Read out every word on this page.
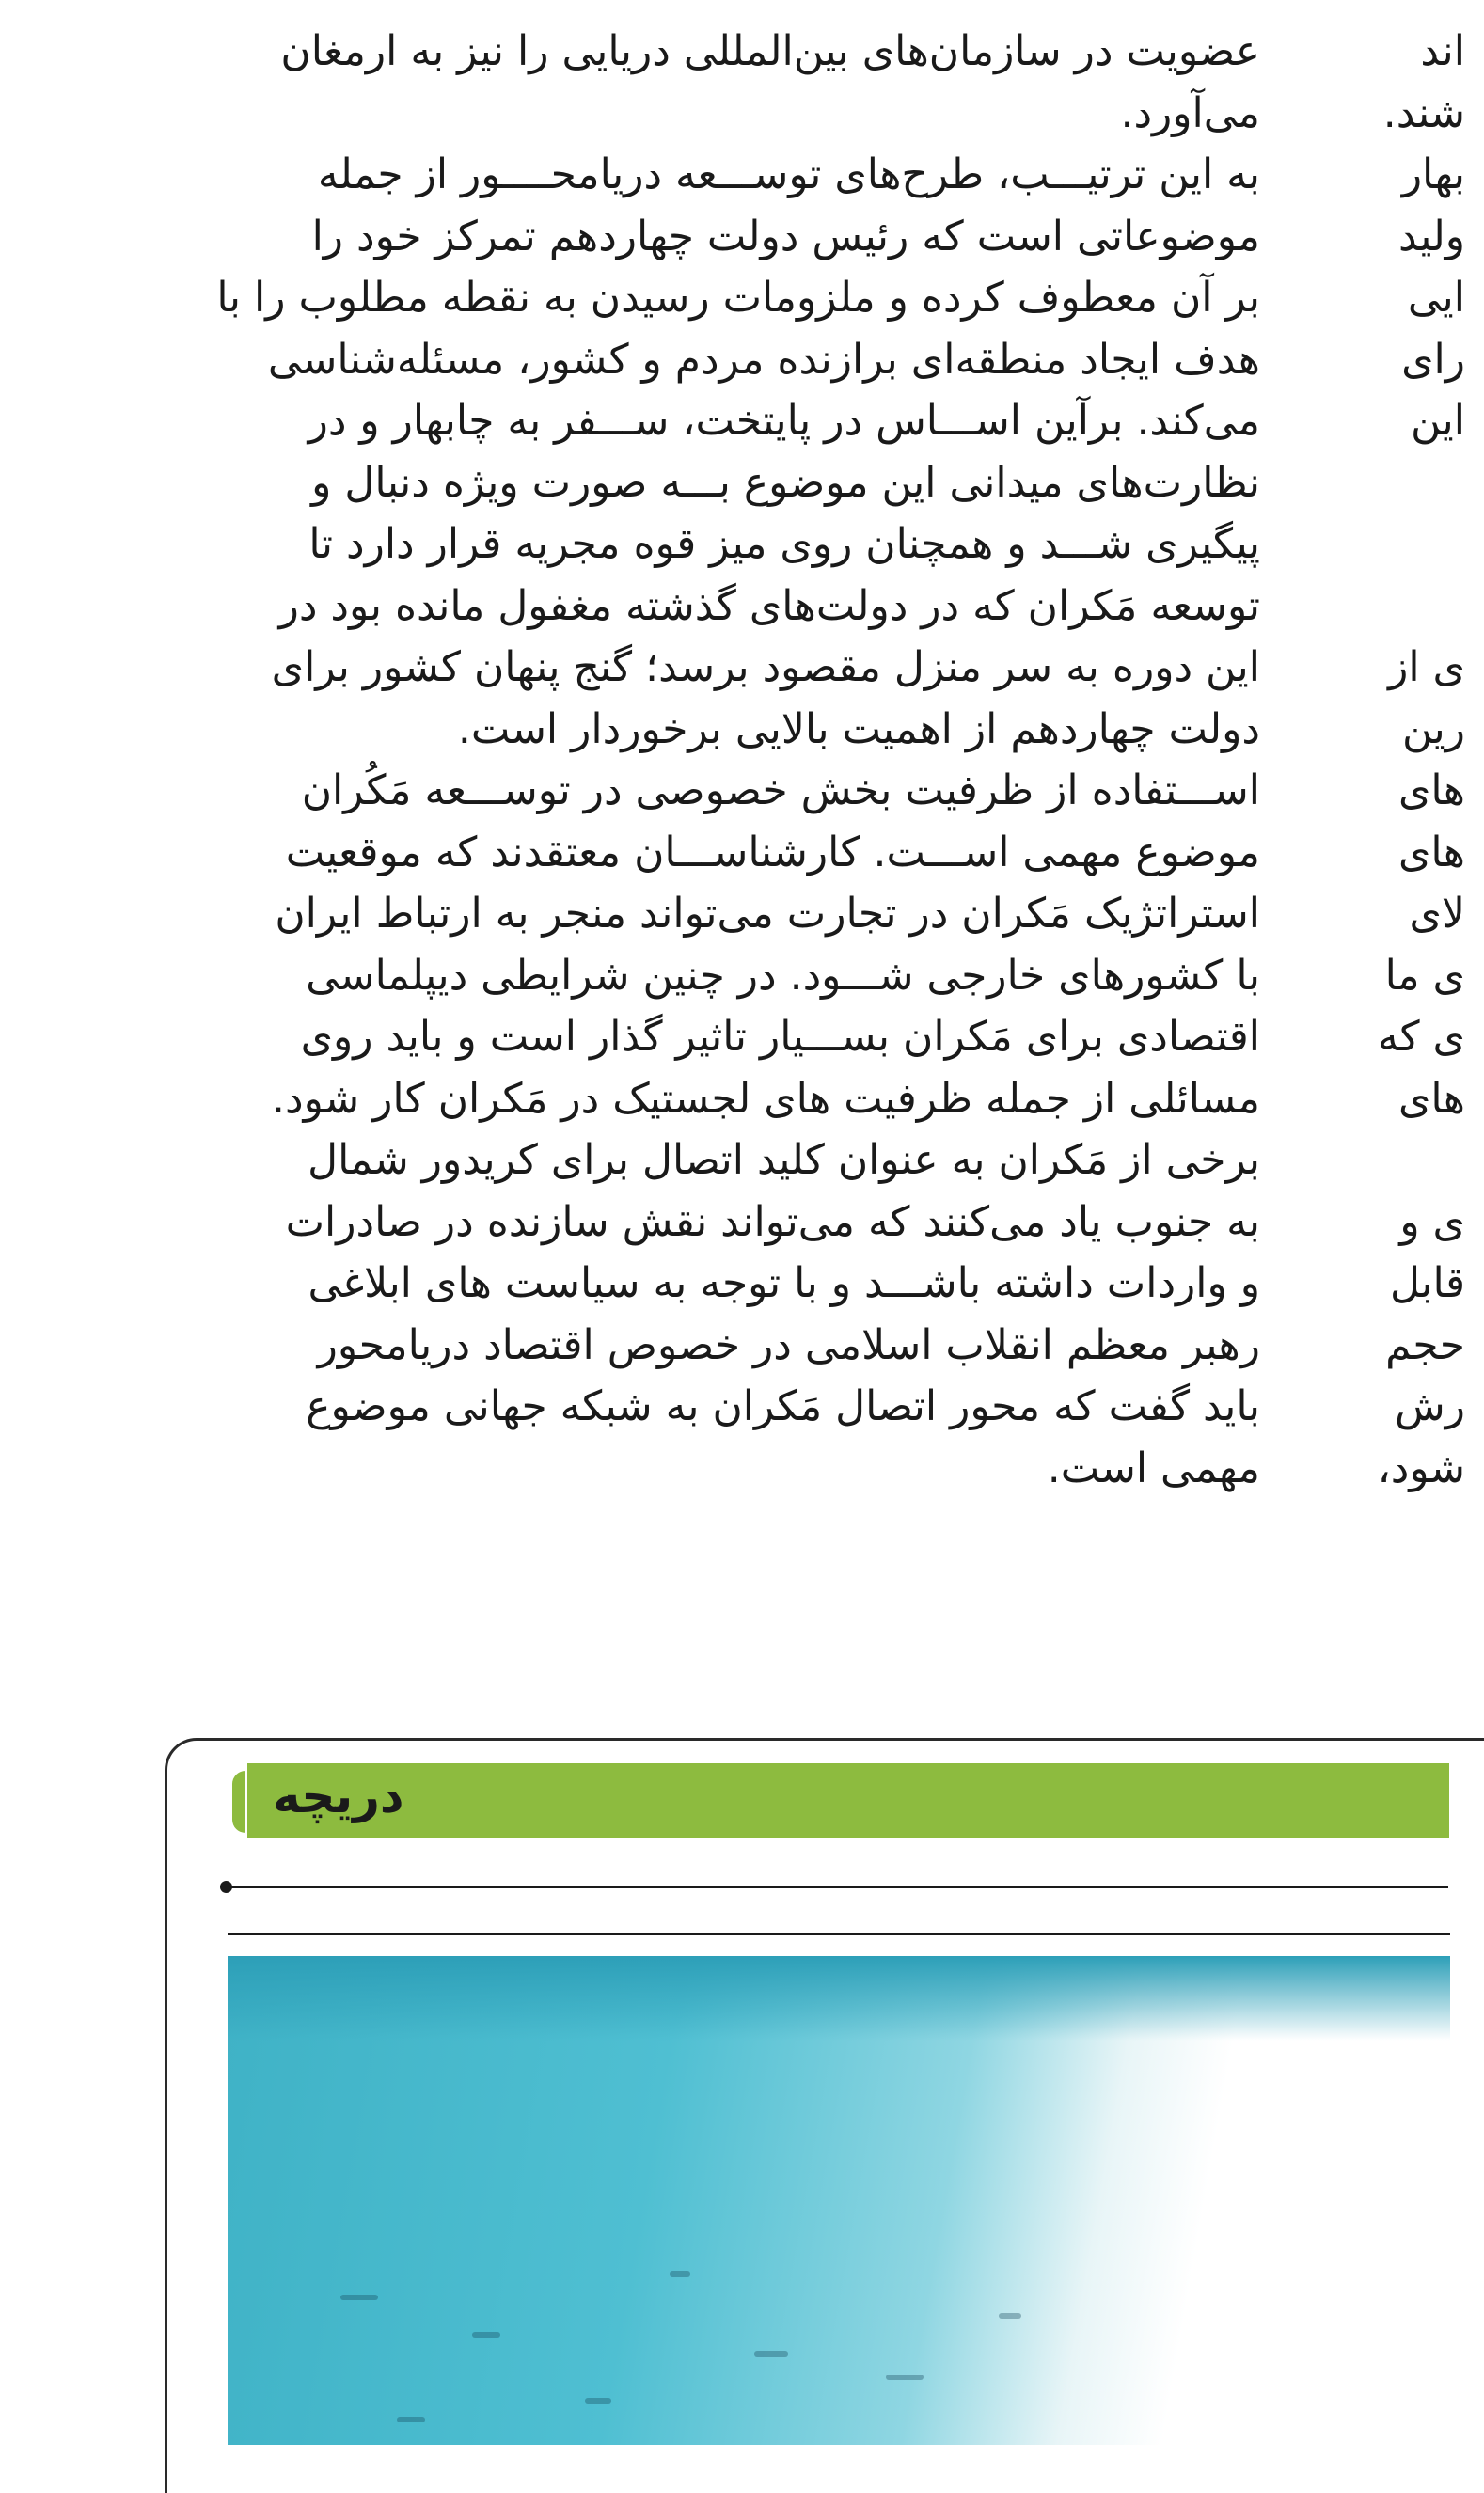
عضویت در سازمان‌های بین‌المللی دریایی را نیز به ارمغان
می‌آورد.
به این ترتیـــب، طرح‌های توســـعه دریامحــــور از جمله
موضوعاتی است که رئیس دولت چهاردهم تمرکز خود را
بر آن معطوف کرده و ملزومات رسیدن به نقطه مطلوب را با
هدف ایجاد منطقه‌ای برازنده مردم و کشور، مسئله‌شناسی
می‌کند. برآین اســـاس در پایتخت، ســـفر به چابهار و در
نظارت‌های میدانی این موضوع بـــه صورت ویژه دنبال و
پیگیری شـــد و همچنان روی میز قوه مجریه قرار دارد تا
توسعه مَکران که در دولت‌های گذشته مغفول مانده بود در
این دوره به سر منزل مقصود برسد؛ گنج پنهان کشور برای
دولت چهاردهم از اهمیت بالایی برخوردار است.
اســـتفاده از ظرفیت بخش خصوصی در توســـعه مَکُران
موضوع مهمی اســـت. کارشناســـان معتقدند که موقعیت
استراتژیک مَکران در تجارت می‌تواند منجر به ارتباط ایران
با کشورهای خارجی شـــود. در چنین شرایطی دیپلماسی
اقتصادی برای مَکران بســـیار تاثیر گذار است و باید روی
مسائلی از جمله ظرفیت های لجستیک در مَکران کار شود.
برخی از مَکران به عنوان کلید اتصال برای کریدور شمال
به جنوب یاد می‌کنند که می‌تواند نقش سازنده در صادرات
و واردات داشته باشـــد و با توجه به سیاست های ابلاغی
رهبر معظم انقلاب اسلامی در خصوص اقتصاد دریامحور
باید گفت که محور اتصال مَکران به شبکه جهانی موضوع
مهمی است.
اند
شند.
بهار
ولید
ایی
رای
این
ی از
رین
های
های
لای
ی ما
ی که
های
ی و
قابل
حجم
رش
شود،
دریچه
